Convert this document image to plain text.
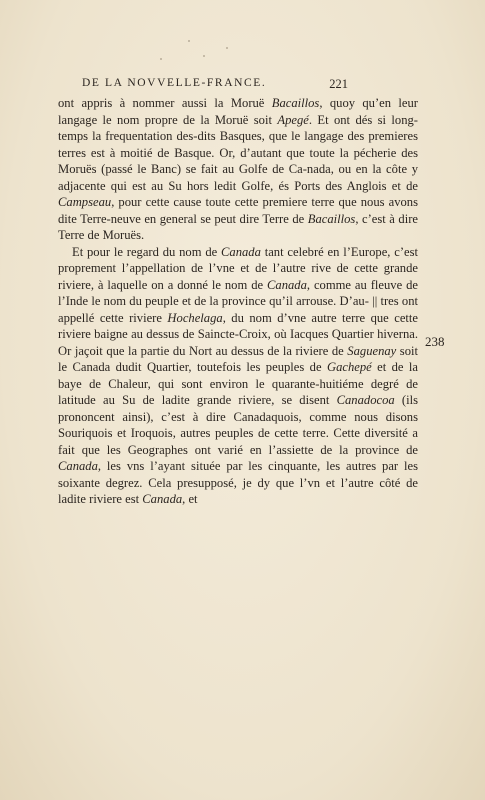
DE LA NOVVELLE-FRANCE.	221

ont appris à nommer aussi la Moruë Bacaillos, quoy qu’en leur langage le nom propre de la Moruë soit Apegé. Et ont dés si long-temps la frequentation des-dits Basques, que le langage des premieres terres est à moitié de Basque. Or, d’autant que toute la pécherie des Moruës (passé le Banc) se fait au Golfe de Ca-nada, ou en la côte y adjacente qui est au Su hors ledit Golfe, és Ports des Anglois et de Campseau, pour cette cause toute cette premiere terre que nous avons dite Terre-neuve en general se peut dire Terre de Bacaillos, c’est à dire Terre de Moruës.

Et pour le regard du nom de Canada tant celebré en l’Europe, c’est proprement l’appellation de l’vne et de l’autre rive de cette grande riviere, à laquelle on a donné le nom de Canada, comme au fleuve de l’Inde le nom du peuple et de la province qu’il arrouse. D’au- || tres ont appellé cette riviere Hochelaga, du nom d’vne autre terre que cette riviere baigne au dessus de Saincte-Croix, où Iacques Quartier hiverna. Or jaçoit que la partie du Nort au dessus de la riviere de Saguenay soit le Canada dudit Quartier, toutefois les peuples de Gachepé et de la baye de Chaleur, qui sont environ le quarante-huitiéme degré de latitude au Su de ladite grande riviere, se disent Canadocoa (ils prononcent ainsi), c’est à dire Canadaquois, comme nous disons Souriquois et Iroquois, autres peuples de cette terre. Cette diversité a fait que les Geographes ont varié en l’assiette de la province de Canada, les vns l’ayant située par les cinquante, les autres par les soixante degrez. Cela presupposé, je dy que l’vn et l’autre côté de ladite riviere est Canada, et

238
